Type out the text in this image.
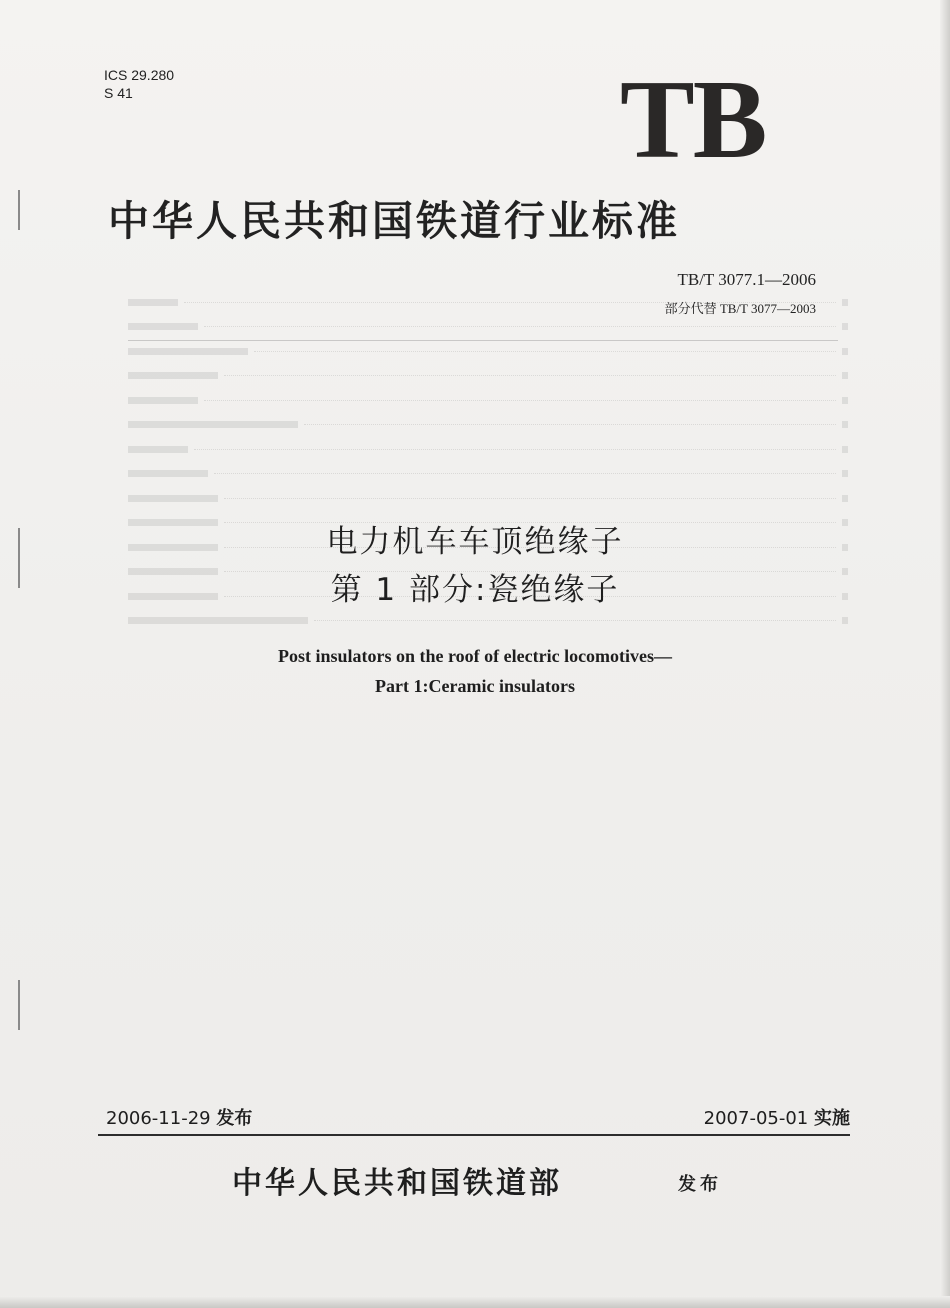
ICS 29.280
S 41	TB
中华人民共和国铁道行业标准
TB/T 3077.1—2006
部分代替 TB/T 3077—2003
电力机车车顶绝缘子
第 1 部分:瓷绝缘子
Post insulators on the roof of electric locomotives—
Part 1:Ceramic insulators
2006-11-29 发布	2007-05-01 实施
中华人民共和国铁道部	发布
